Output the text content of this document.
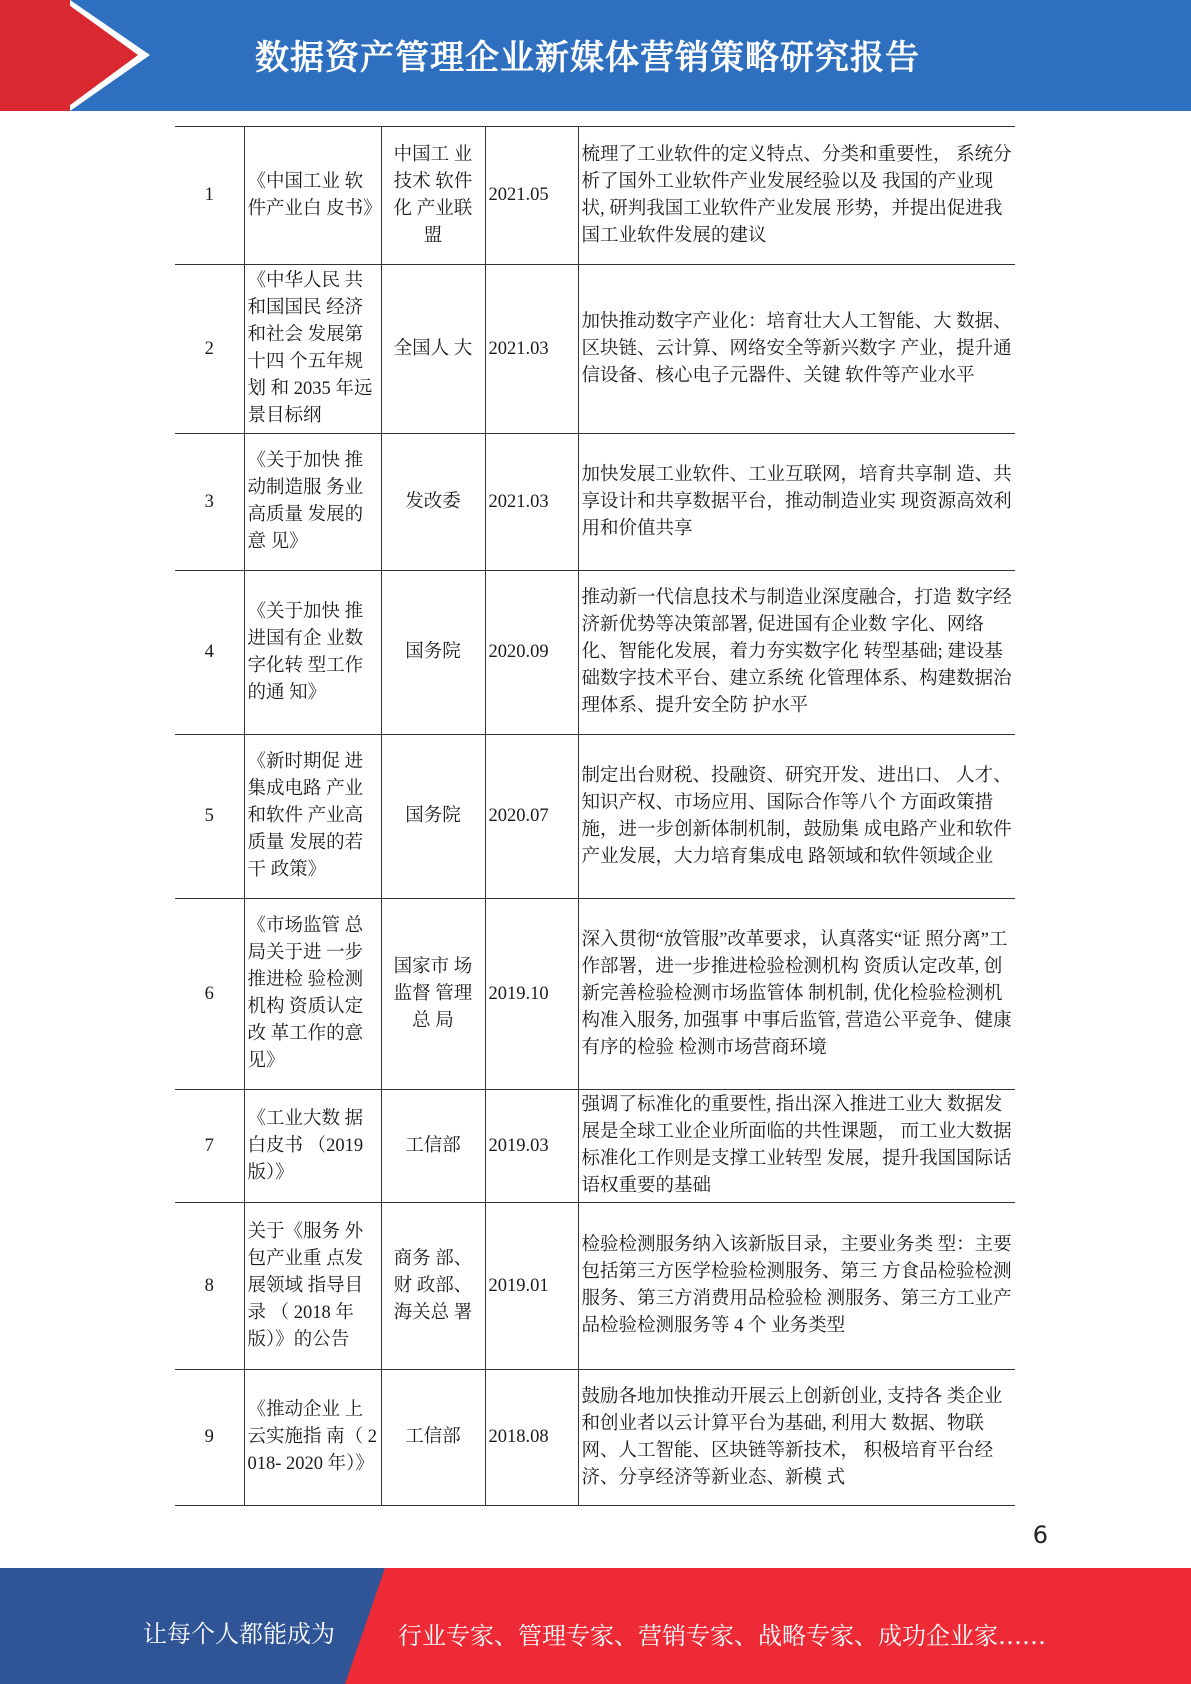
数据资产管理企业新媒体营销策略研究报告
1	《中国工业 软件产业白 皮书》	中国工 业技术 软件化 产业联盟	2021.05	梳理了工业软件的定义特点、分类和重要性， 系统分析了国外工业软件产业发展经验以及 我国的产业现状, 研判我国工业软件产业发展 形势，并提出促进我国工业软件发展的建议
2	《中华人民 共和国国民 经济和社会 发展第十四 个五年规划 和 2035 年远景目标纲	全国人 大	2021.03	加快推动数字产业化：培育壮大人工智能、大 数据、区块链、云计算、网络安全等新兴数字 产业，提升通信设备、核心电子元器件、关键 软件等产业水平
3	《关于加快 推动制造服 务业高质量 发展的意 见》	发改委	2021.03	加快发展工业软件、工业互联网，培育共享制 造、共享设计和共享数据平台，推动制造业实 现资源高效利用和价值共享
4	《关于加快 推进国有企 业数字化转 型工作的通 知》	国务院	2020.09	推动新一代信息技术与制造业深度融合，打造 数字经济新优势等决策部署, 促进国有企业数 字化、网络化、智能化发展，着力夯实数字化 转型基础; 建设基础数字技术平台、建立系统 化管理体系、构建数据治理体系、提升安全防 护水平
5	《新时期促 进集成电路 产业和软件 产业高质量 发展的若干 政策》	国务院	2020.07	制定出台财税、投融资、研究开发、进出口、 人才、知识产权、市场应用、国际合作等八个 方面政策措施，进一步创新体制机制，鼓励集 成电路产业和软件产业发展，大力培育集成电 路领域和软件领域企业
6	《市场监管 总局关于进 一步推进检 验检测机构 资质认定改 革工作的意见》	国家市 场监督 管理总 局	2019.10	深入贯彻“放管服”改革要求，认真落实“证 照分离”工作部署，进一步推进检验检测机构 资质认定改革, 创新完善检验检测市场监管体 制机制, 优化检验检测机构准入服务, 加强事 中事后监管, 营造公平竞争、健康有序的检验 检测市场营商环境
7	《工业大数 据白皮书 （2019 版）》	工信部	2019.03	强调了标准化的重要性, 指出深入推进工业大 数据发展是全球工业企业所面临的共性课题， 而工业大数据标准化工作则是支撑工业转型 发展，提升我国国际话语权重要的基础
8	关于《服务 外包产业重 点发展领域 指导目录 （ 2018 年版）》的公告	商务 部、财 政部、海关总 署	2019.01	检验检测服务纳入该新版目录，主要业务类 型：主要包括第三方医学检验检测服务、第三 方食品检验检测服务、第三方消费用品检验检 测服务、第三方工业产品检验检测服务等 4 个 业务类型
9	《推动企业 上云实施指 南（ 2018- 2020 年）》	工信部	2018.08	鼓励各地加快推动开展云上创新创业, 支持各 类企业和创业者以云计算平台为基础, 利用大 数据、物联网、人工智能、区块链等新技术， 积极培育平台经济、分享经济等新业态、新模 式
6
让每个人都能成为	行业专家、管理专家、营销专家、战略专家、成功企业家……
